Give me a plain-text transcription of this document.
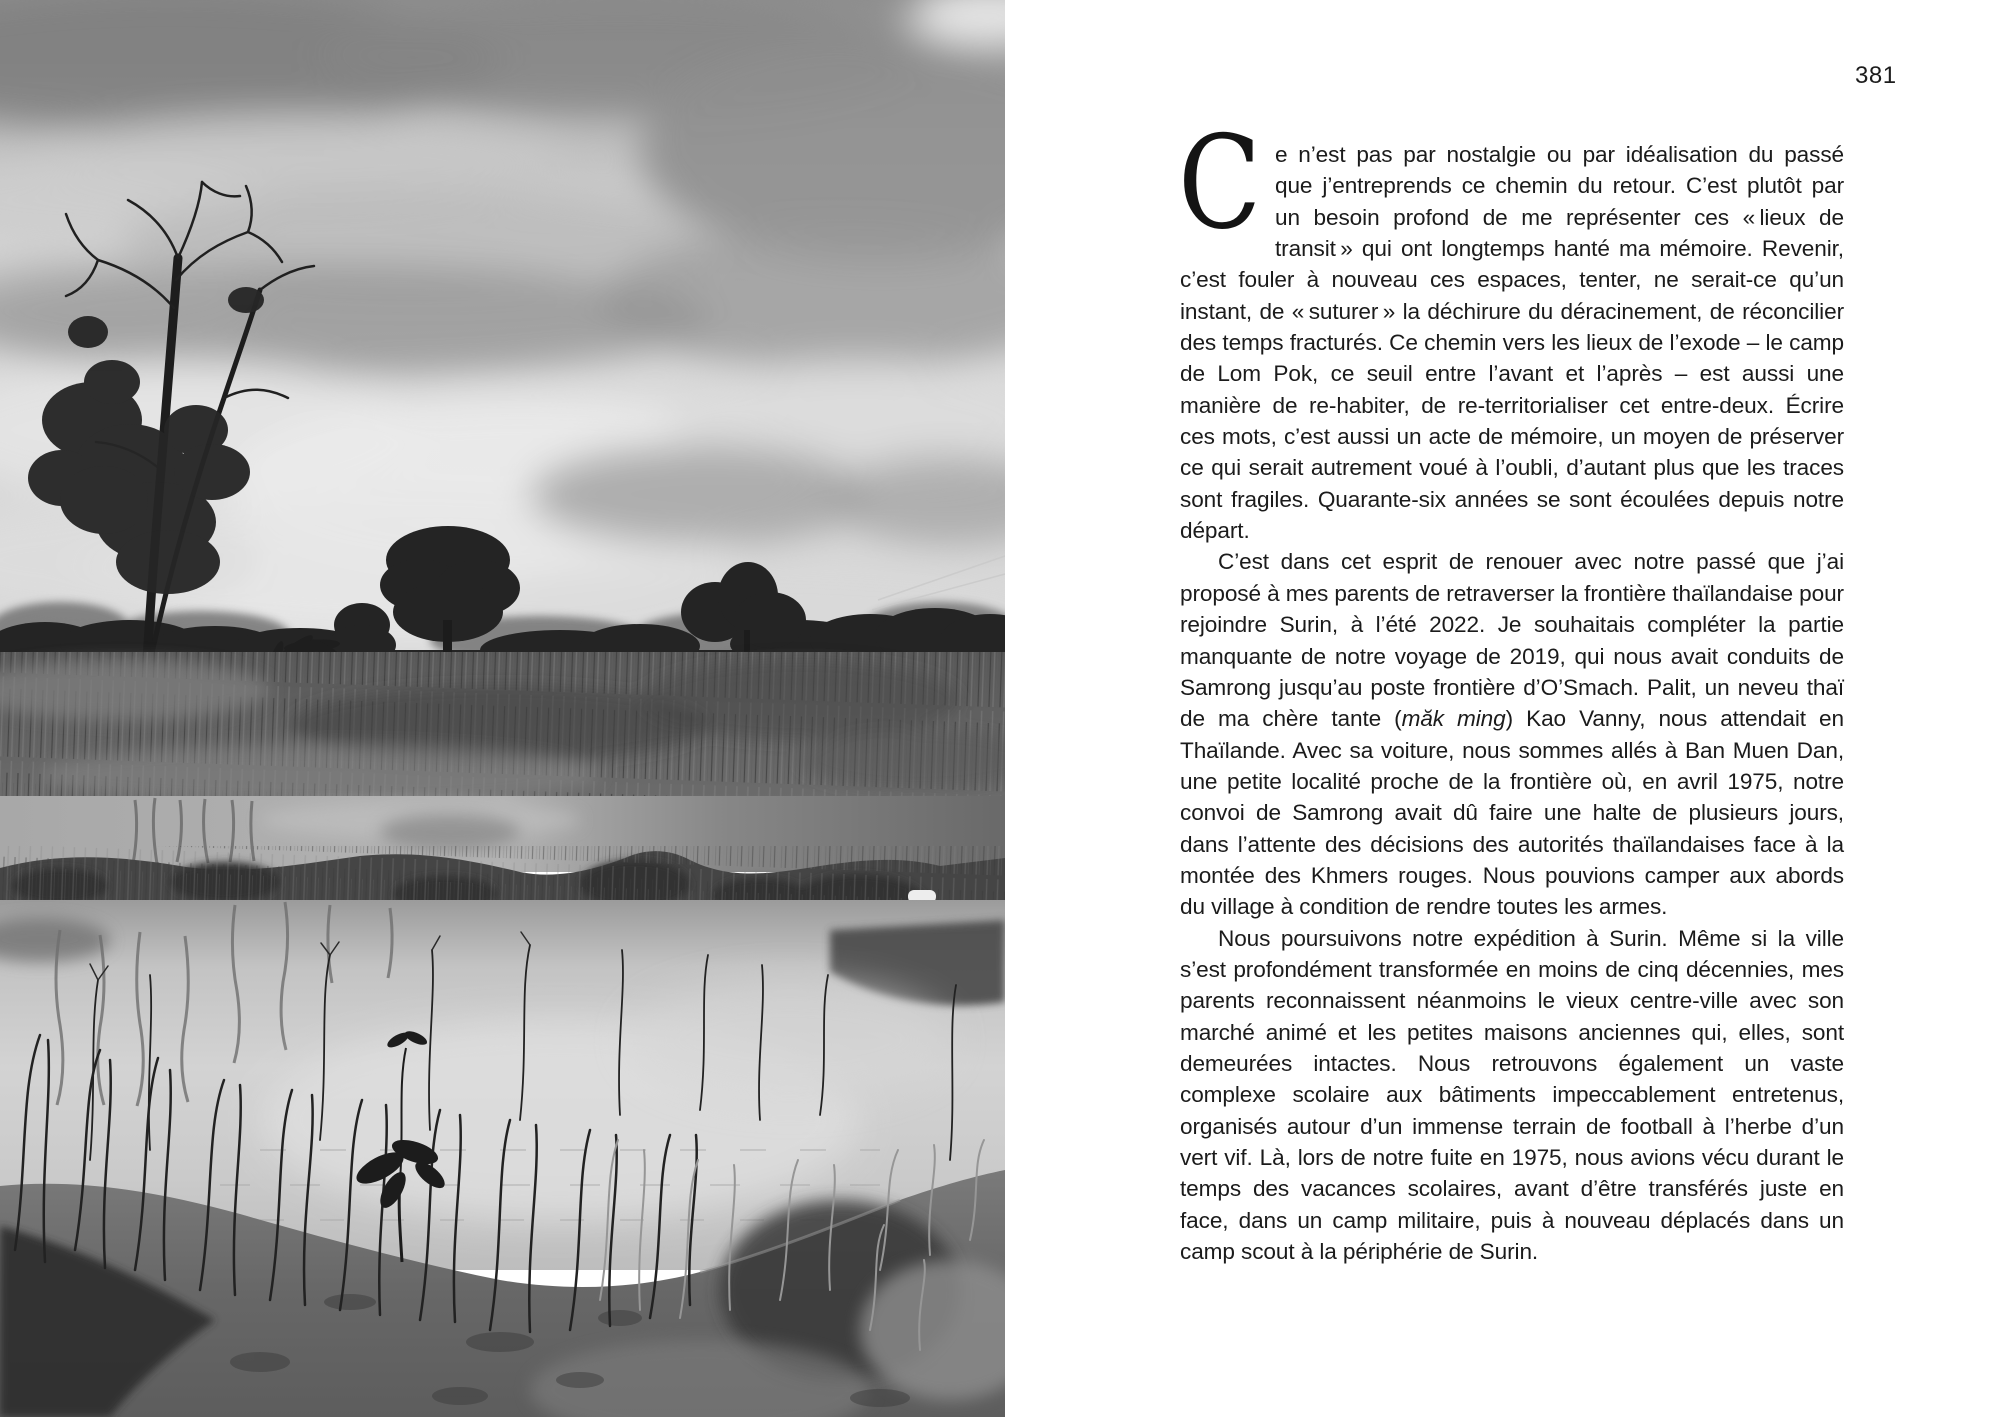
381

C e n’est pas par nostalgie ou par idéalisation du passé que j’entreprends ce chemin du retour. C’est plutôt par un besoin profond de me représenter ces « lieux de transit » qui ont longtemps hanté ma mémoire. Revenir, c’est fouler à nouveau ces espaces, tenter, ne serait-ce qu’un instant, de « suturer » la déchirure du déracinement, de réconcilier des temps fracturés. Ce chemin vers les lieux de l’exode – le camp de Lom Pok, ce seuil entre l’avant et l’après – est aussi une manière de re-habiter, de re-territorialiser cet entre-deux. Écrire ces mots, c’est aussi un acte de mémoire, un moyen de préserver ce qui serait autrement voué à l’oubli, d’autant plus que les traces sont fragiles. Quarante-six années se sont écoulées depuis notre départ.

C’est dans cet esprit de renouer avec notre passé que j’ai proposé à mes parents de retraverser la frontière thaïlandaise pour rejoindre Surin, à l’été 2022. Je souhaitais compléter la partie manquante de notre voyage de 2019, qui nous avait conduits de Samrong jusqu’au poste frontière d’O’Smach. Palit, un neveu thaï de ma chère tante (măk ming) Kao Vanny, nous attendait en Thaïlande. Avec sa voiture, nous sommes allés à Ban Muen Dan, une petite localité proche de la frontière où, en avril 1975, notre convoi de Samrong avait dû faire une halte de plusieurs jours, dans l’attente des décisions des autorités thaïlandaises face à la montée des Khmers rouges. Nous pouvions camper aux abords du village à condition de rendre toutes les armes.

Nous poursuivons notre expédition à Surin. Même si la ville s’est profondément transformée en moins de cinq décennies, mes parents reconnaissent néanmoins le vieux centre-ville avec son marché animé et les petites maisons anciennes qui, elles, sont demeurées intactes. Nous retrouvons également un vaste complexe scolaire aux bâtiments impeccablement entretenus, organisés autour d’un immense terrain de football à l’herbe d’un vert vif. Là, lors de notre fuite en 1975, nous avions vécu durant le temps des vacances scolaires, avant d’être transférés juste en face, dans un camp militaire, puis à nouveau déplacés dans un camp scout à la périphérie de Surin.
